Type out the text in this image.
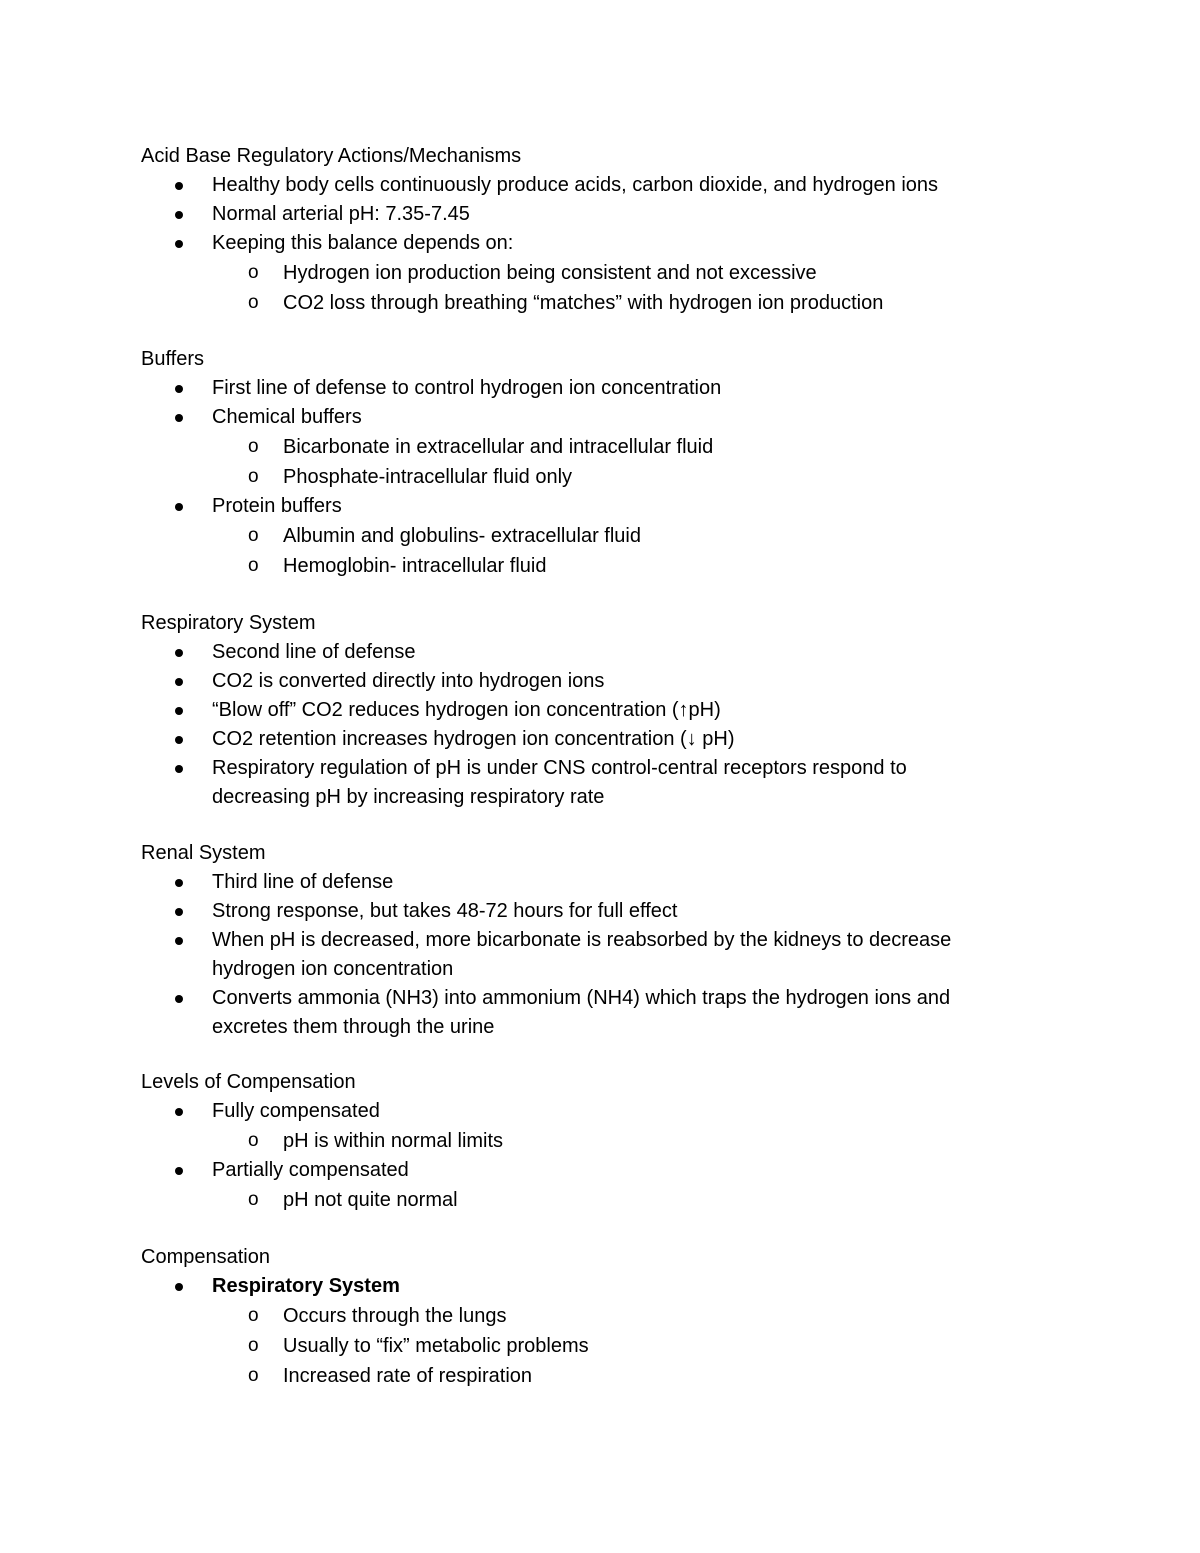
Acid Base Regulatory Actions/Mechanisms

Healthy body cells continuously produce acids, carbon dioxide, and hydrogen ions
Normal arterial pH: 7.35-7.45
Keeping this balance depends on:
o Hydrogen ion production being consistent and not excessive
o CO2 loss through breathing “matches” with hydrogen ion production

Buffers

First line of defense to control hydrogen ion concentration
Chemical buffers
o Bicarbonate in extracellular and intracellular fluid
o Phosphate-intracellular fluid only
Protein buffers
o Albumin and globulins- extracellular fluid
o Hemoglobin- intracellular fluid

Respiratory System

Second line of defense
CO2 is converted directly into hydrogen ions
“Blow off” CO2 reduces hydrogen ion concentration (↑pH)
CO2 retention increases hydrogen ion concentration (↓ pH)
Respiratory regulation of pH is under CNS control-central receptors respond to decreasing pH by increasing respiratory rate

Renal System

Third line of defense
Strong response, but takes 48-72 hours for full effect
When pH is decreased, more bicarbonate is reabsorbed by the kidneys to decrease hydrogen ion concentration
Converts ammonia (NH3) into ammonium (NH4) which traps the hydrogen ions and excretes them through the urine

Levels of Compensation

Fully compensated
o pH is within normal limits
Partially compensated
o pH not quite normal

Compensation

Respiratory System
o Occurs through the lungs
o Usually to “fix” metabolic problems
o Increased rate of respiration
